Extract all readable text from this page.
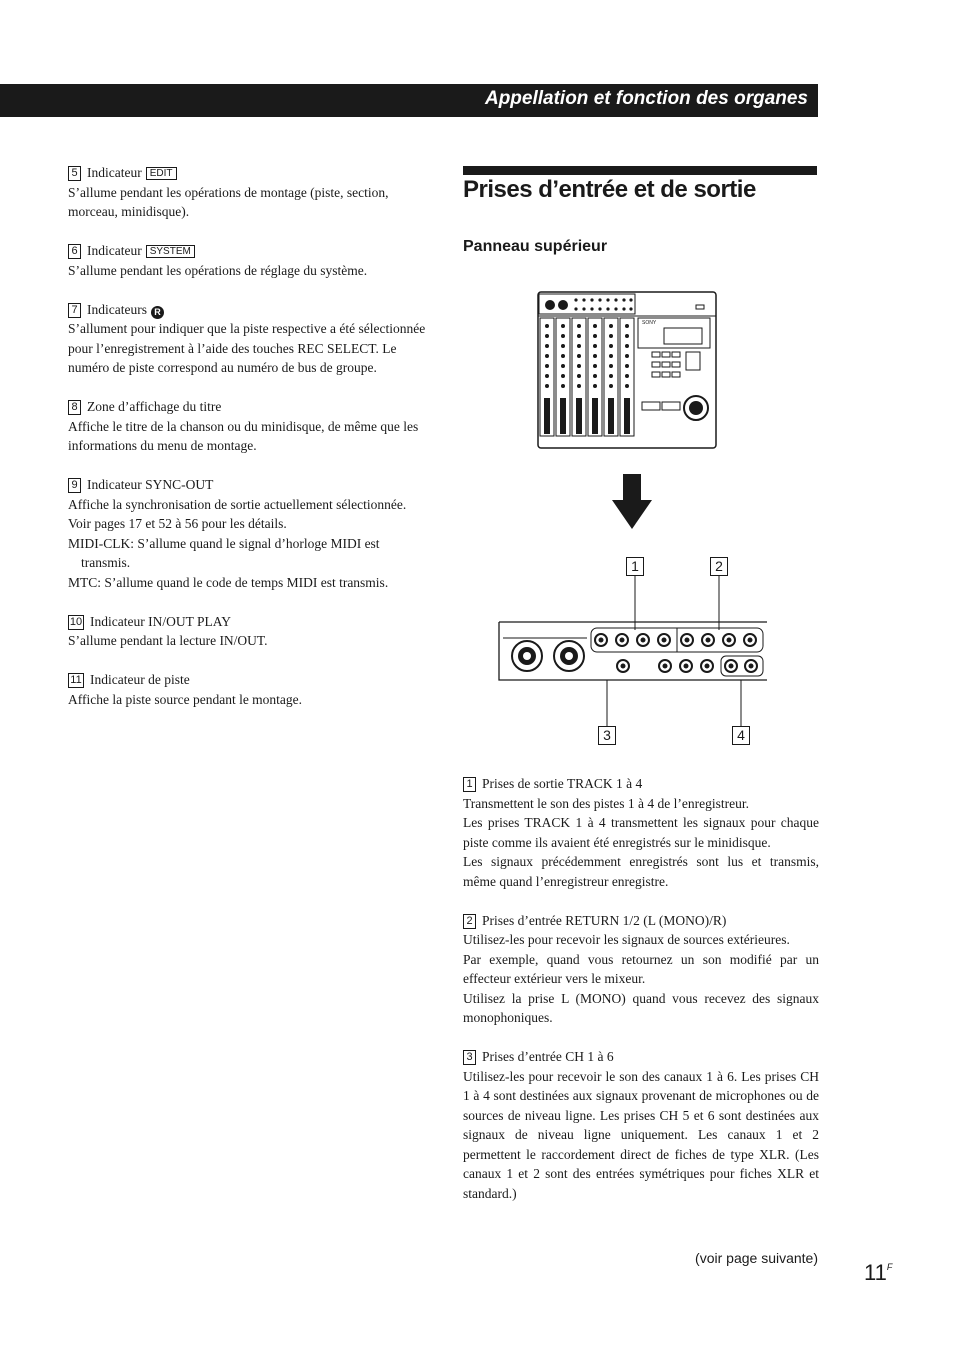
Appellation et fonction des organes
5 Indicateur EDIT
S’allume pendant les opérations de montage (piste, section, morceau, minidisque).
6 Indicateur SYSTEM
S’allume pendant les opérations de réglage du système.
7 Indicateurs R
S’allument pour indiquer que la piste respective a été sélectionnée pour l’enregistrement à l’aide des touches REC SELECT. Le numéro de piste correspond au numéro de bus de groupe.
8 Zone d’affichage du titre
Affiche le titre de la chanson ou du minidisque, de même que les informations du menu de montage.
9 Indicateur SYNC-OUT
Affiche la synchronisation de sortie actuellement sélectionnée.
Voir pages 17 et 52 à 56 pour les détails.
MIDI-CLK: S’allume quand le signal d’horloge MIDI est transmis.
MTC: S’allume quand le code de temps MIDI est transmis.
10 Indicateur IN/OUT PLAY
S’allume pendant la lecture IN/OUT.
11 Indicateur de piste
Affiche la piste source pendant le montage.
Prises d’entrée et de sortie
Panneau supérieur
SONY
1	2
3	4
1 Prises de sortie TRACK 1 à 4
Transmettent le son des pistes 1 à 4 de l’enregistreur.
Les prises TRACK 1 à 4 transmettent les signaux pour chaque piste comme ils avaient été enregistrés sur le minidisque.
Les signaux précédemment enregistrés sont lus et transmis, même quand l’enregistreur enregistre.
2 Prises d’entrée RETURN 1/2 (L (MONO)/R)
Utilisez-les pour recevoir les signaux de sources extérieures.
Par exemple, quand vous retournez un son modifié par un effecteur extérieur vers le mixeur.
Utilisez la prise L (MONO) quand vous recevez des signaux monophoniques.
3 Prises d’entrée CH 1 à 6
Utilisez-les pour recevoir le son des canaux 1 à 6. Les prises CH 1 à 4 sont destinées aux signaux provenant de microphones ou de sources de niveau ligne. Les prises CH 5 et 6 sont destinées aux signaux de niveau ligne uniquement. Les canaux 1 et 2 permettent le raccordement direct de fiches de type XLR. (Les canaux 1 et 2 sont des entrées symétriques pour fiches XLR et standard.)
(voir page suivante)
$11^F$
